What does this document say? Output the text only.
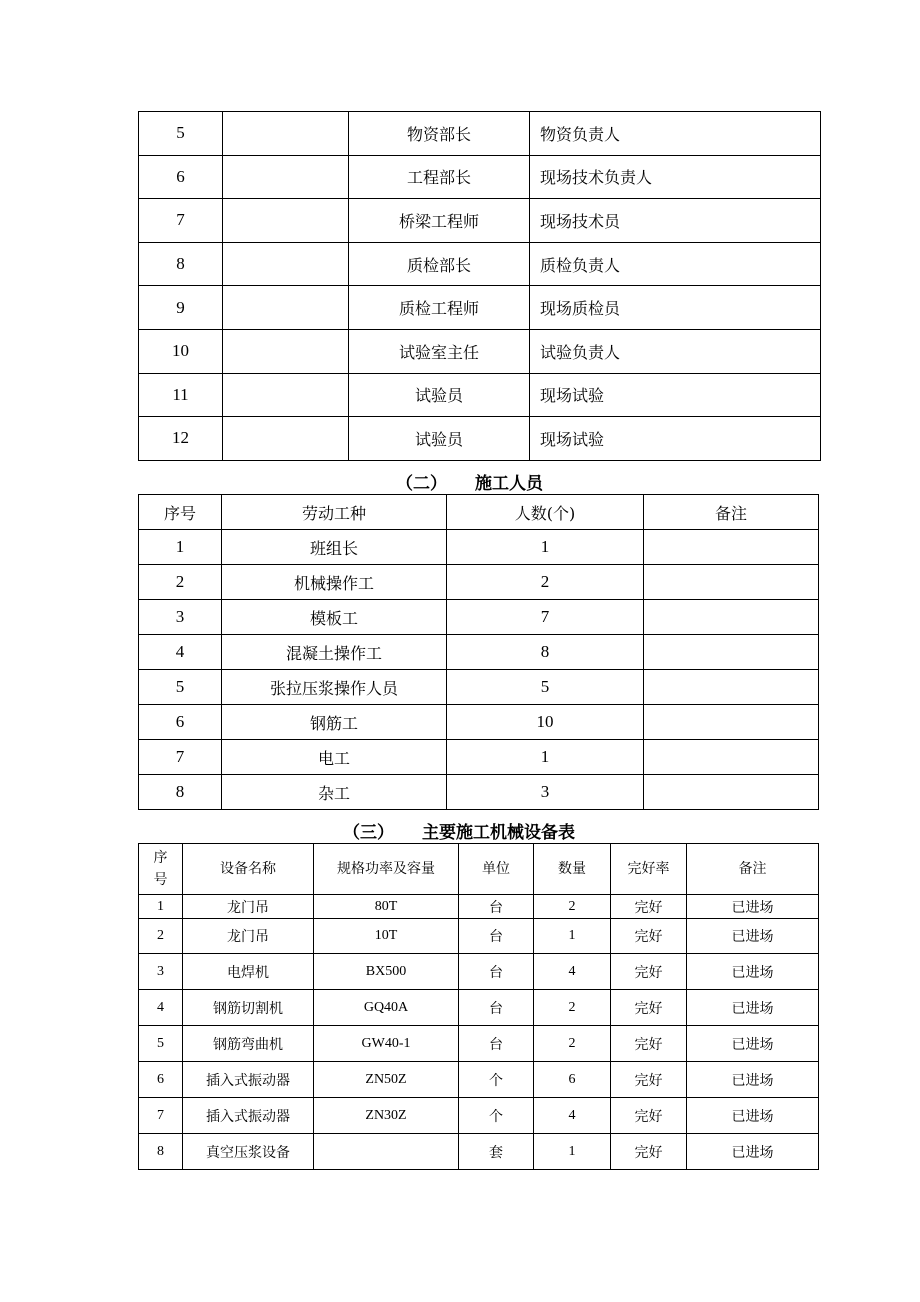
5		物资部长	物资负责人
6		工程部长	现场技术负责人
7		桥梁工程师	现场技术员
8		质检部长	质检负责人
9		质检工程师	现场质检员
10		试验室主任	试验负责人
11		试验员	现场试验
12		试验员	现场试验
（二） 施工人员
序号	劳动工种	人数(个)	备注
1	班组长	1	
2	机械操作工	2	
3	模板工	7	
4	混凝土操作工	8	
5	张拉压浆操作人员	5	
6	钢筋工	10	
7	电工	1	
8	杂工	3	
（三） 主要施工机械设备表
序
号	设备名称	规格功率及容量	单位	数量	完好率	备注
1	龙门吊	80T	台	2	完好	已进场
2	龙门吊	10T	台	1	完好	已进场
3	电焊机	BX500	台	4	完好	已进场
4	钢筋切割机	GQ40A	台	2	完好	已进场
5	钢筋弯曲机	GW40-1	台	2	完好	已进场
6	插入式振动器	ZN50Z	个	6	完好	已进场
7	插入式振动器	ZN30Z	个	4	完好	已进场
8	真空压浆设备		套	1	完好	已进场
